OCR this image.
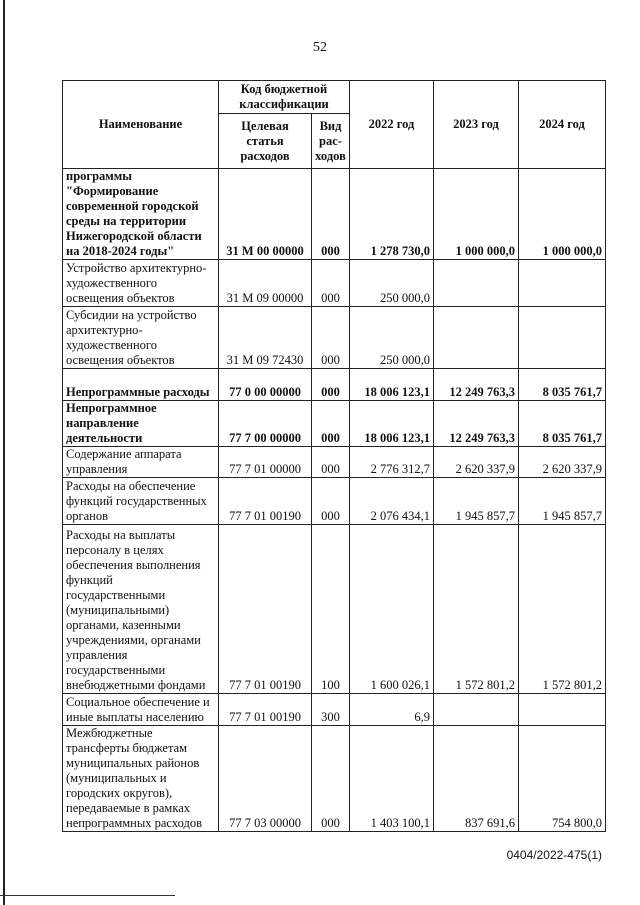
52
Наименование	Код бюджетной классификации		2022 год	2023 год	2024 год
	Целевая статья расходов	Вид рас-ходов			
программы "Формирование современной городской среды на территории Нижегородской области на 2018-2024 годы"	31 М 00 00000	000	1 278 730,0	1 000 000,0	1 000 000,0
Устройство архитектурно-художественного освещения объектов	31 М 09 00000	000	250 000,0		
Субсидии на устройство архитектурно-художественного освещения объектов	31 М 09 72430	000	250 000,0		
Непрограммные расходы	77 0 00 00000	000	18 006 123,1	12 249 763,3	8 035 761,7
Непрограммное направление деятельности	77 7 00 00000	000	18 006 123,1	12 249 763,3	8 035 761,7
Содержание аппарата управления	77 7 01 00000	000	2 776 312,7	2 620 337,9	2 620 337,9
Расходы на обеспечение функций государственных органов	77 7 01 00190	000	2 076 434,1	1 945 857,7	1 945 857,7
Расходы на выплаты персоналу в целях обеспечения выполнения функций государственными (муниципальными) органами, казенными учреждениями, органами управления государственными внебюджетными фондами	77 7 01 00190	100	1 600 026,1	1 572 801,2	1 572 801,2
Социальное обеспечение и иные выплаты населению	77 7 01 00190	300	6,9		
Межбюджетные трансферты бюджетам муниципальных районов (муниципальных и городских округов), передаваемые в рамках непрограммных расходов	77 7 03 00000	000	1 403 100,1	837 691,6	754 800,0
0404/2022-475(1)
